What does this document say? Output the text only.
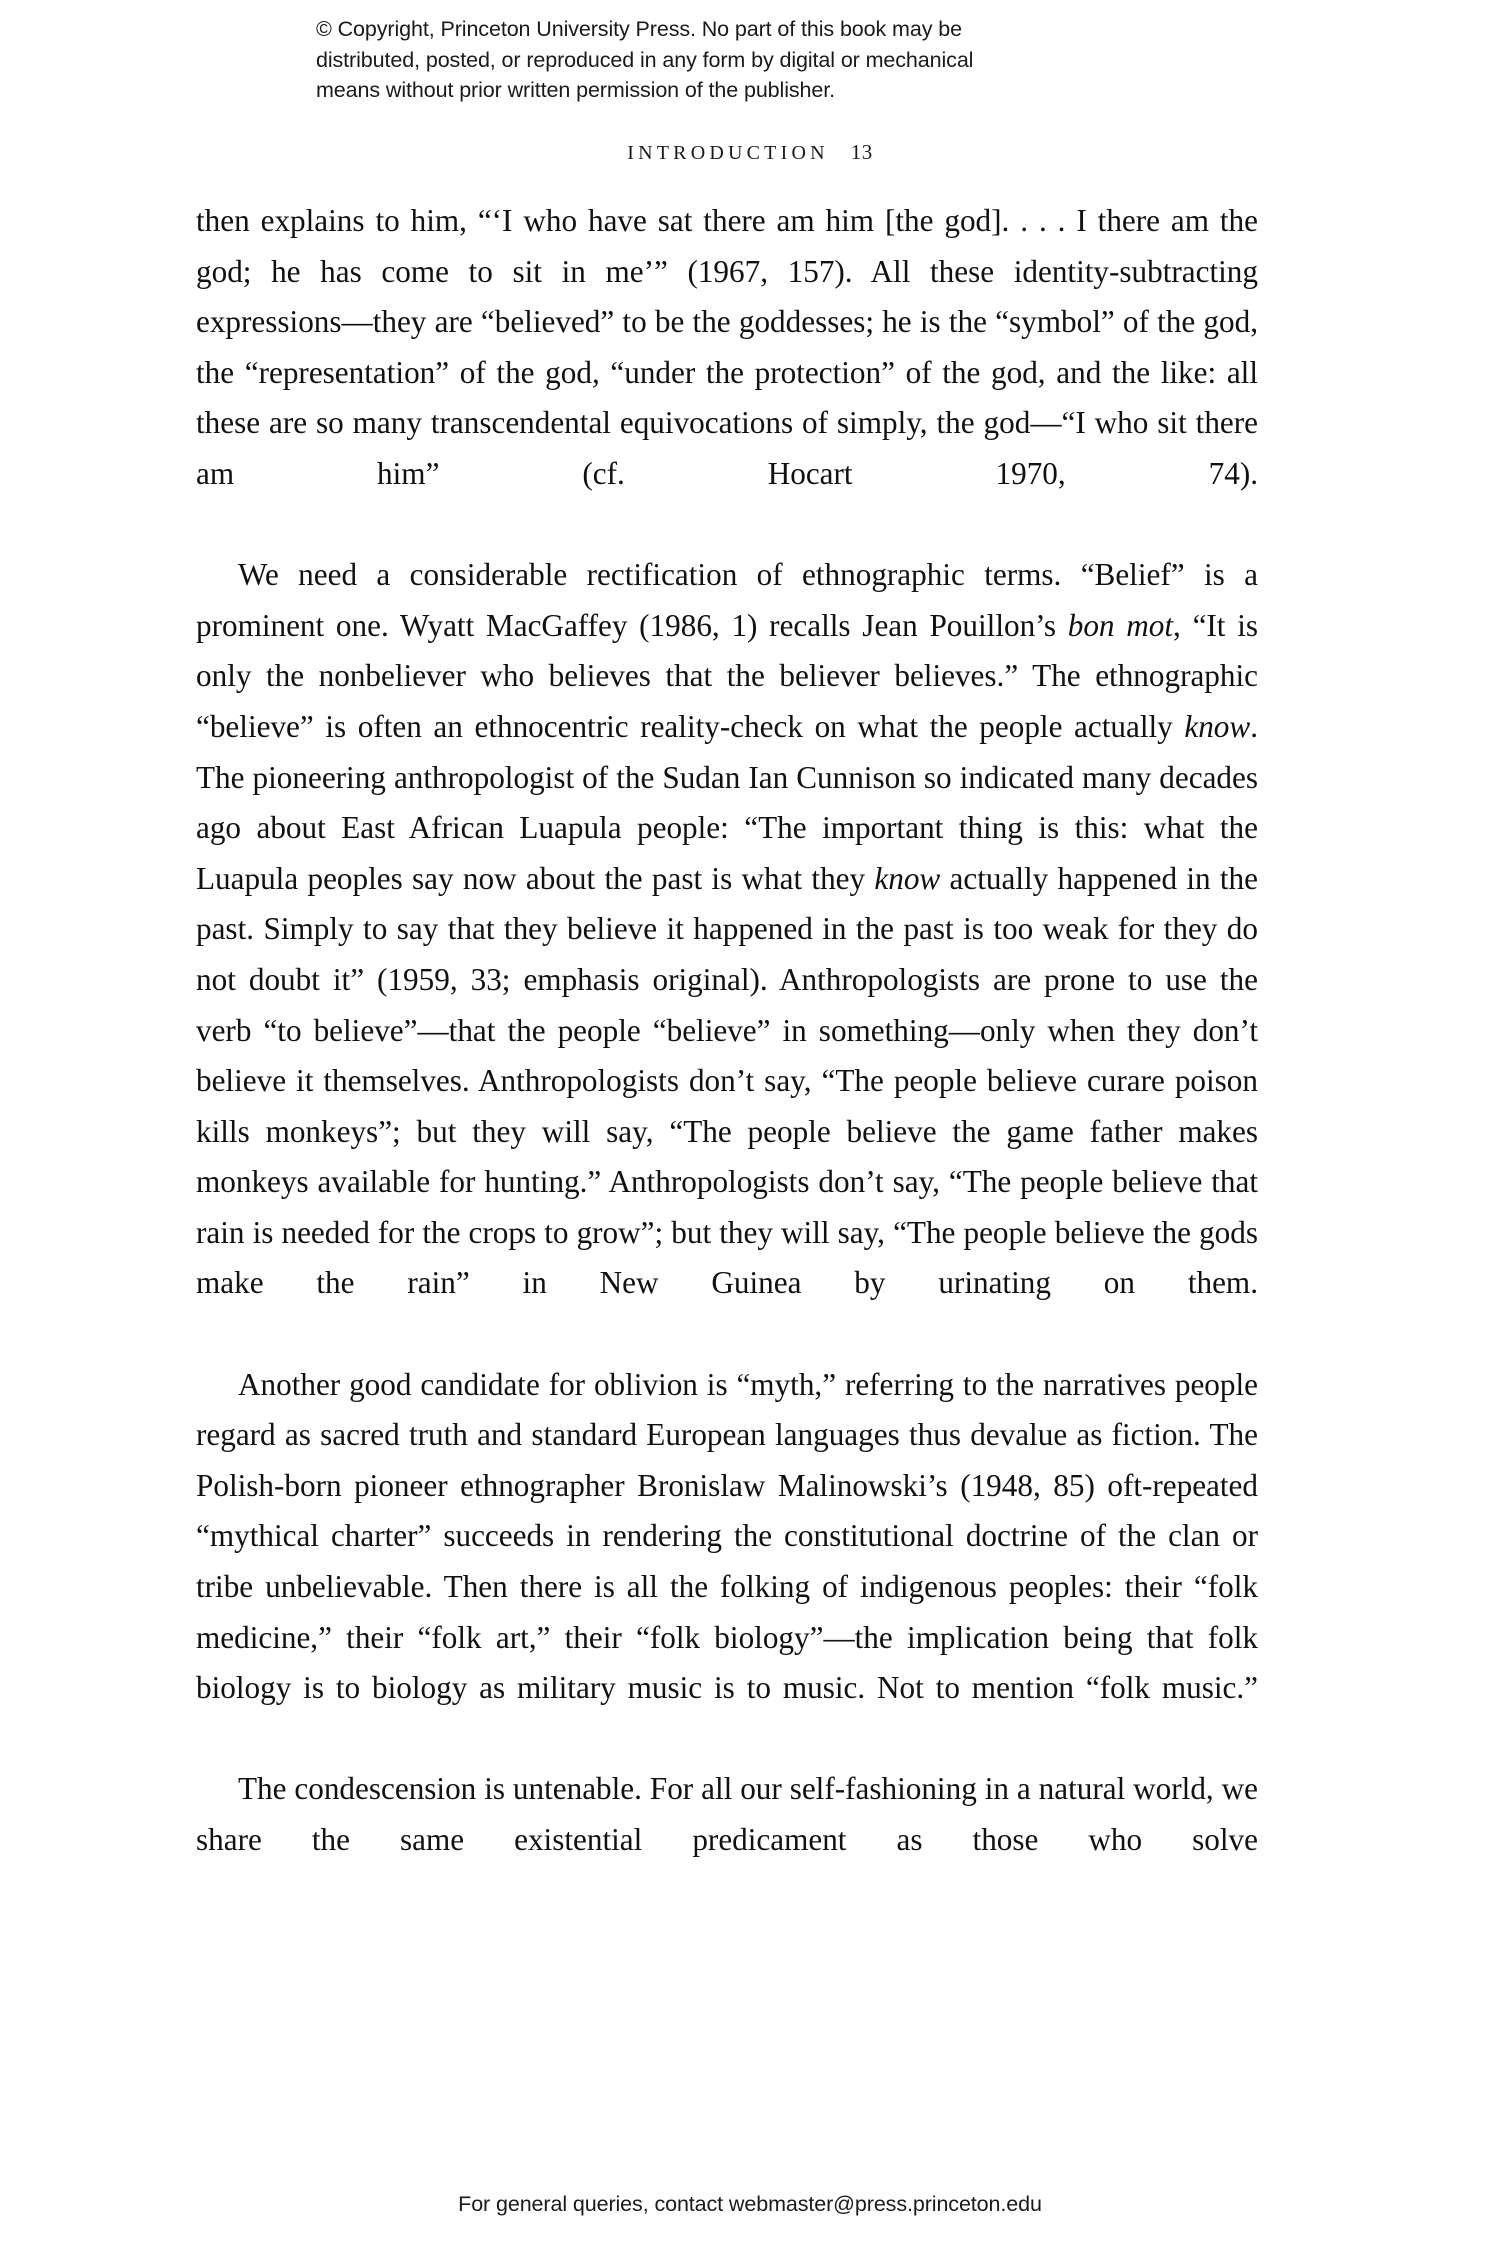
© Copyright, Princeton University Press. No part of this book may be
distributed, posted, or reproduced in any form by digital or mechanical
means without prior written permission of the publisher.
INTRODUCTION 13

then explains to him, “‘I who have sat there am him [the god]. . . . I there am the god; he has come to sit in me’” (1967, 157). All these identity-subtracting expressions—they are “believed” to be the goddesses; he is the “symbol” of the god, the “representation” of the god, “under the protection” of the god, and the like: all these are so many transcendental equivocations of simply, the god—“I who sit there am him” (cf. Hocart 1970, 74).

We need a considerable rectification of ethnographic terms. “Belief” is a prominent one. Wyatt MacGaffey (1986, 1) recalls Jean Pouillon’s bon mot, “It is only the nonbeliever who believes that the believer believes.” The ethnographic “believe” is often an ethnocentric reality-check on what the people actually know. The pioneering anthropologist of the Sudan Ian Cunnison so indicated many decades ago about East African Luapula people: “The important thing is this: what the Luapula peoples say now about the past is what they know actually happened in the past. Simply to say that they believe it happened in the past is too weak for they do not doubt it” (1959, 33; emphasis original). Anthropologists are prone to use the verb “to believe”—that the people “believe” in something—only when they don’t believe it themselves. Anthropologists don’t say, “The people believe curare poison kills monkeys”; but they will say, “The people believe the game father makes monkeys available for hunting.” Anthropologists don’t say, “The people believe that rain is needed for the crops to grow”; but they will say, “The people believe the gods make the rain” in New Guinea by urinating on them.

Another good candidate for oblivion is “myth,” referring to the narratives people regard as sacred truth and standard European languages thus devalue as fiction. The Polish-born pioneer ethnographer Bronislaw Malinowski’s (1948, 85) oft-repeated “mythical charter” succeeds in rendering the constitutional doctrine of the clan or tribe unbelievable. Then there is all the folking of indigenous peoples: their “folk medicine,” their “folk art,” their “folk biology”—the implication being that folk biology is to biology as military music is to music. Not to mention “folk music.”

The condescension is untenable. For all our self-fashioning in a natural world, we share the same existential predicament as those who solve

For general queries, contact webmaster@press.princeton.edu
